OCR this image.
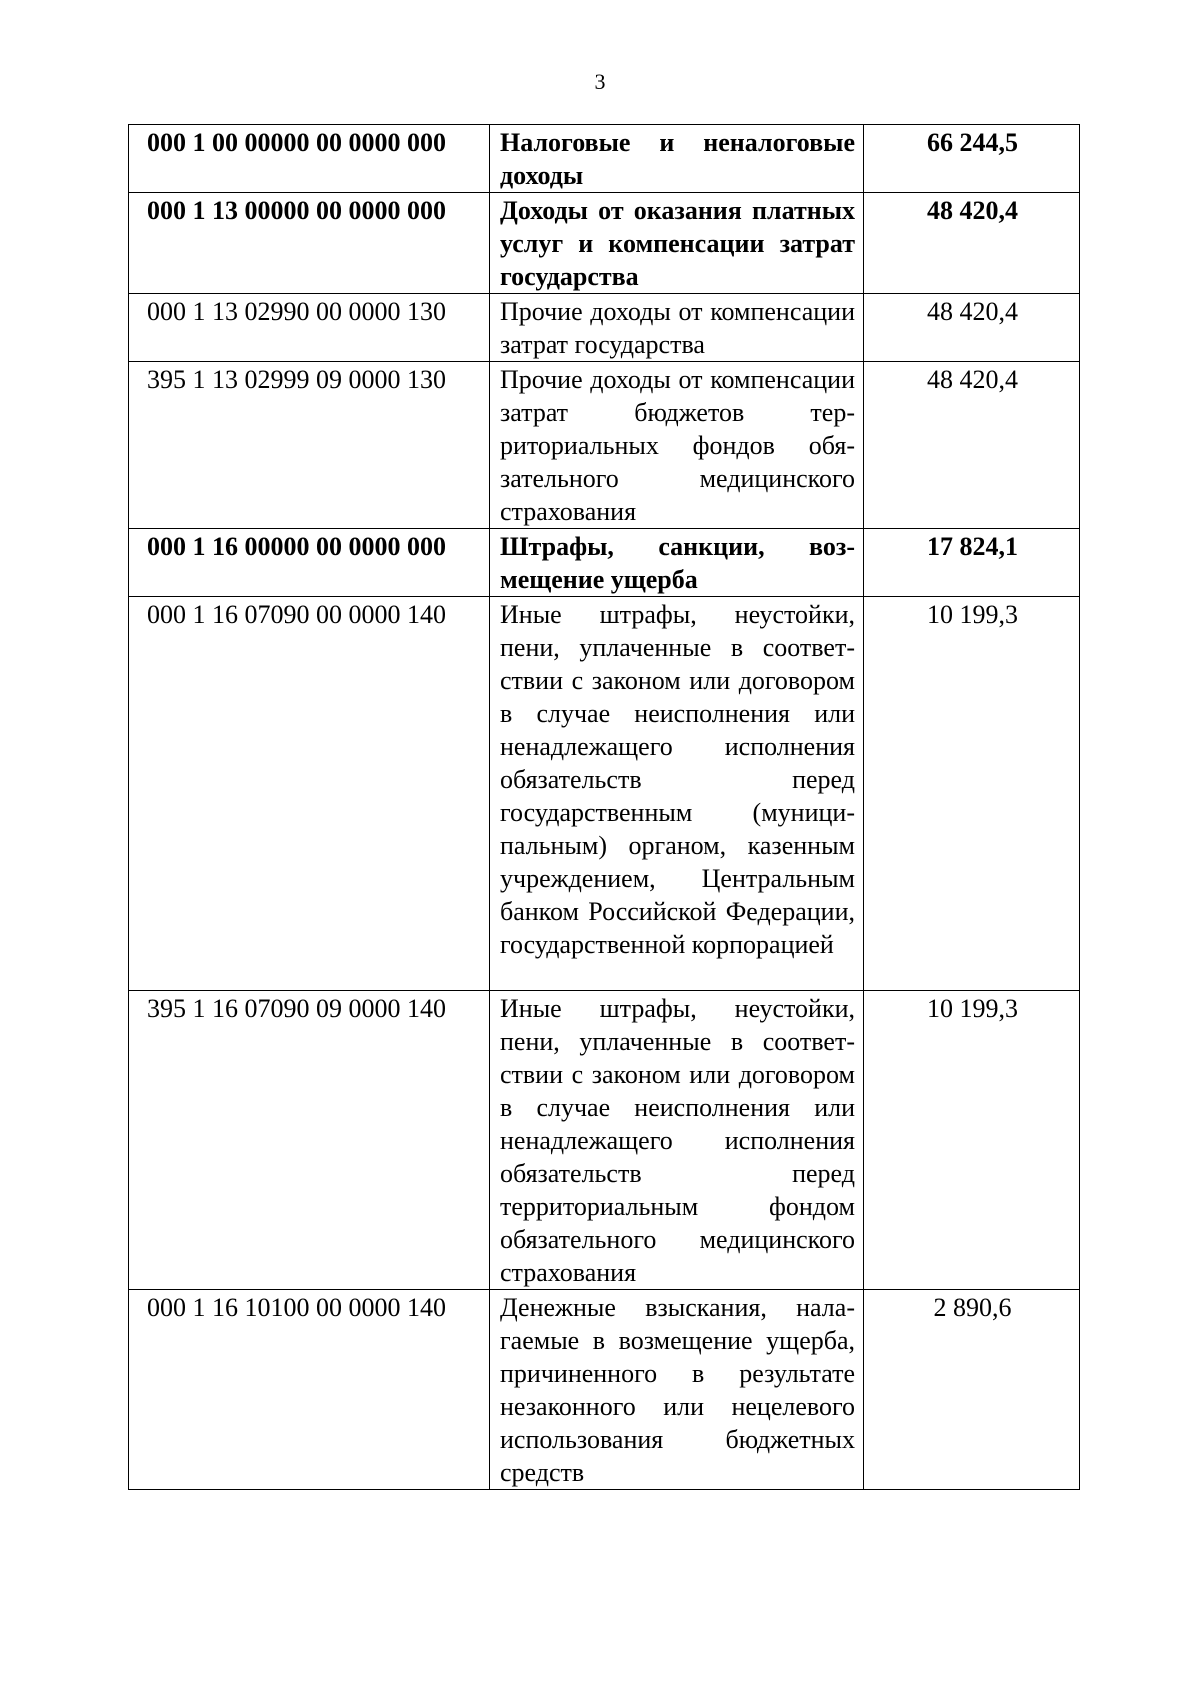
3
000 1 00 00000 00 0000 000	Налоговые и неналоговые доходы	66 244,5
000 1 13 00000 00 0000 000	Доходы от оказания платных услуг и компенсации затрат государства	48 420,4
000 1 13 02990 00 0000 130	Прочие доходы от компенсации затрат государства	48 420,4
395 1 13 02999 09 0000 130	Прочие доходы от компенсации затрат бюджетов территориальных фондов обязательного медицинского страхования	48 420,4
000 1 16 00000 00 0000 000	Штрафы, санкции, возмещение ущерба	17 824,1
000 1 16 07090 00 0000 140	Иные штрафы, неустойки, пени, уплаченные в соответствии с законом или договором в случае неисполнения или ненадлежащего исполнения обязательств перед государственным (муниципальным) органом, казенным учреждением, Центральным банком Российской Федерации, государственной корпорацией	10 199,3
395 1 16 07090 09 0000 140	Иные штрафы, неустойки, пени, уплаченные в соответствии с законом или договором в случае неисполнения или ненадлежащего исполнения обязательств перед территориальным фондом обязательного медицинского страхования	10 199,3
000 1 16 10100 00 0000 140	Денежные взыскания, налагаемые в возмещение ущерба, причиненного в результате незаконного или нецелевого использования бюджетных средств	2 890,6
